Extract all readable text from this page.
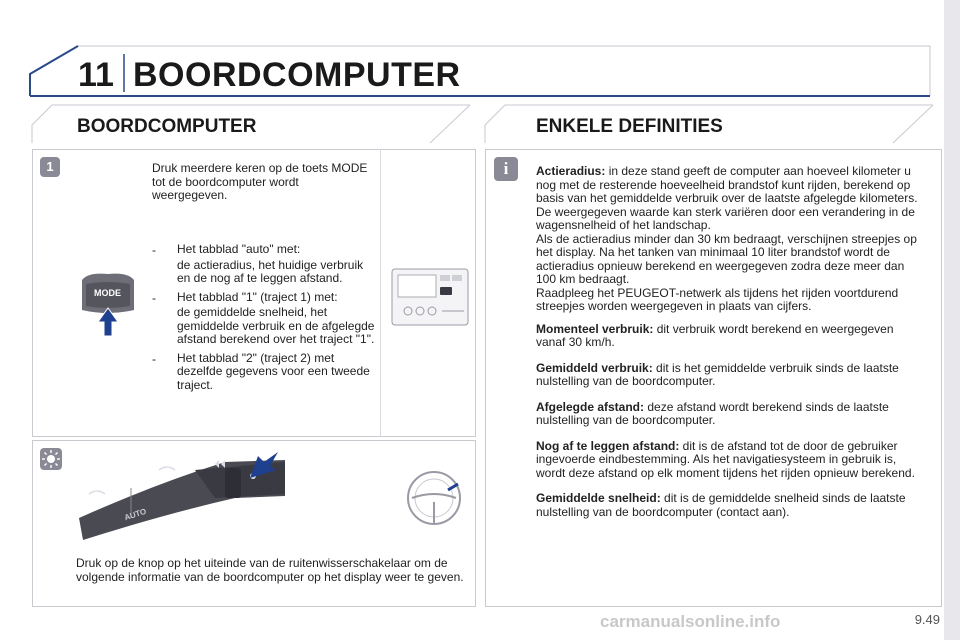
11 BOORDCOMPUTER
BOORDCOMPUTER	ENKELE DEFINITIES
1	Druk meerdere keren op de toets MODE tot de boordcomputer wordt weergegeven.
MODE
- Het tabblad "auto" met:
de actieradius, het huidige verbruik en de nog af te leggen afstand.
- Het tabblad "1" (traject 1) met:
de gemiddelde snelheid, het gemiddelde verbruik en de afgelegde afstand berekend over het traject "1".
- Het tabblad "2" (traject 2) met dezelfde gegevens voor een tweede traject.
AUTO
Druk op de knop op het uiteinde van de ruitenwisserschakelaar om de volgende informatie van de boordcomputer op het display weer te geven.
i	Actieradius: in deze stand geeft de computer aan hoeveel kilometer u nog met de resterende hoeveelheid brandstof kunt rijden, berekend op basis van het gemiddelde verbruik over de laatste afgelegde kilometers. De weergegeven waarde kan sterk variëren door een verandering in de wagensnelheid of het landschap.
Als de actieradius minder dan 30 km bedraagt, verschijnen streepjes op het display. Na het tanken van minimaal 10 liter brandstof wordt de actieradius opnieuw berekend en weergegeven zodra deze meer dan 100 km bedraagt.
Raadpleeg het PEUGEOT-netwerk als tijdens het rijden voortdurend streepjes worden weergegeven in plaats van cijfers.
Momenteel verbruik: dit verbruik wordt berekend en weergegeven vanaf 30 km/h.
Gemiddeld verbruik: dit is het gemiddelde verbruik sinds de laatste nulstelling van de boordcomputer.
Afgelegde afstand: deze afstand wordt berekend sinds de laatste nulstelling van de boordcomputer.
Nog af te leggen afstand: dit is de afstand tot de door de gebruiker ingevoerde eindbestemming. Als het navigatiesysteem in gebruik is, wordt deze afstand op elk moment tijdens het rijden opnieuw berekend.
Gemiddelde snelheid: dit is de gemiddelde snelheid sinds de laatste nulstelling van de boordcomputer (contact aan).
carmanualsonline.info	9.49
